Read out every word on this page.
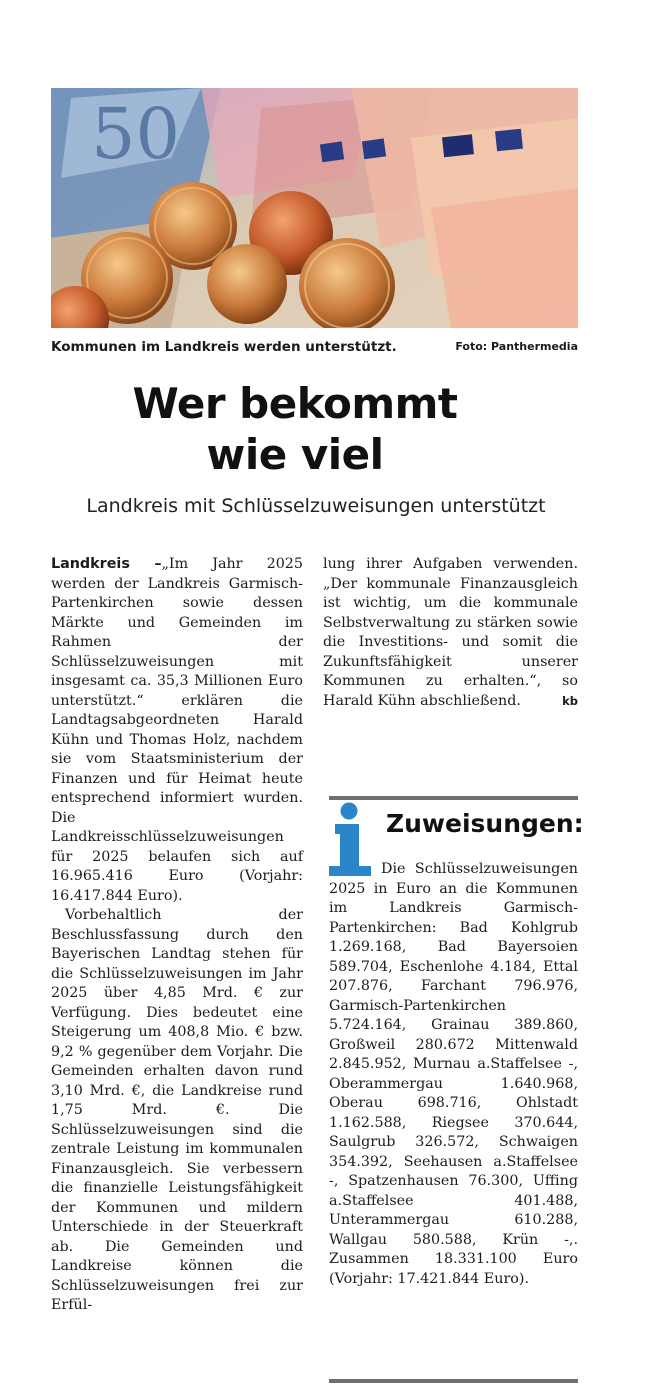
50
Kommunen im Landkreis werden unterstützt.	Foto: Panthermedia
Wer bekommt
wie viel
Landkreis mit Schlüsselzuweisungen unterstützt

Landkreis –„Im Jahr 2025 werden der Landkreis Garmisch-Partenkirchen sowie dessen Märkte und Gemeinden im Rahmen der Schlüsselzuweisungen mit insgesamt ca. 35,3 Millionen Euro unterstützt.“ erklären die Landtagsabgeordneten Harald Kühn und Thomas Holz, nachdem sie vom Staatsministerium der Finanzen und für Heimat heute entsprechend informiert wurden. Die Landkreisschlüsselzuweisungen für 2025 belaufen sich auf 16.965.416 Euro (Vorjahr: 16.417.844 Euro).

Vorbehaltlich der Beschlussfassung durch den Bayerischen Landtag stehen für die Schlüsselzuweisungen im Jahr 2025 über 4,85 Mrd. € zur Verfügung. Dies bedeutet eine Steigerung um 408,8 Mio. € bzw. 9,2 % gegenüber dem Vorjahr. Die Gemeinden erhalten davon rund 3,10 Mrd. €, die Landkreise rund 1,75 Mrd. €. Die Schlüsselzuweisungen sind die zentrale Leistung im kommunalen Finanzausgleich. Sie verbessern die finanzielle Leistungsfähigkeit der Kommunen und mildern Unterschiede in der Steuerkraft ab. Die Gemeinden und Landkreise können die Schlüsselzuweisungen frei zur Erfül-

lung ihrer Aufgaben verwenden. „Der kommunale Finanzausgleich ist wichtig, um die kommunale Selbstverwaltung zu stärken sowie die Investitions- und somit die Zukunftsfähigkeit unserer Kommunen zu erhalten.“, so Harald Kühn abschließend.	kb

Zuweisungen:
Die Schlüsselzuweisungen 2025 in Euro an die Kommunen im Landkreis Garmisch-Partenkirchen: Bad Kohlgrub 1.269.168, Bad Bayersoien 589.704, Eschenlohe 4.184, Ettal 207.876, Farchant 796.976, Garmisch-Partenkirchen 5.724.164, Grainau 389.860, Großweil 280.672 Mittenwald 2.845.952, Murnau a.Staffelsee -, Oberammergau 1.640.968, Oberau 698.716, Ohlstadt 1.162.588, Riegsee 370.644, Saulgrub 326.572, Schwaigen 354.392, Seehausen a.Staffelsee -, Spatzenhausen 76.300, Uffing a.Staffelsee 401.488, Unterammergau 610.288, Wallgau 580.588, Krün -,. Zusammen 18.331.100 Euro (Vorjahr: 17.421.844 Euro).
